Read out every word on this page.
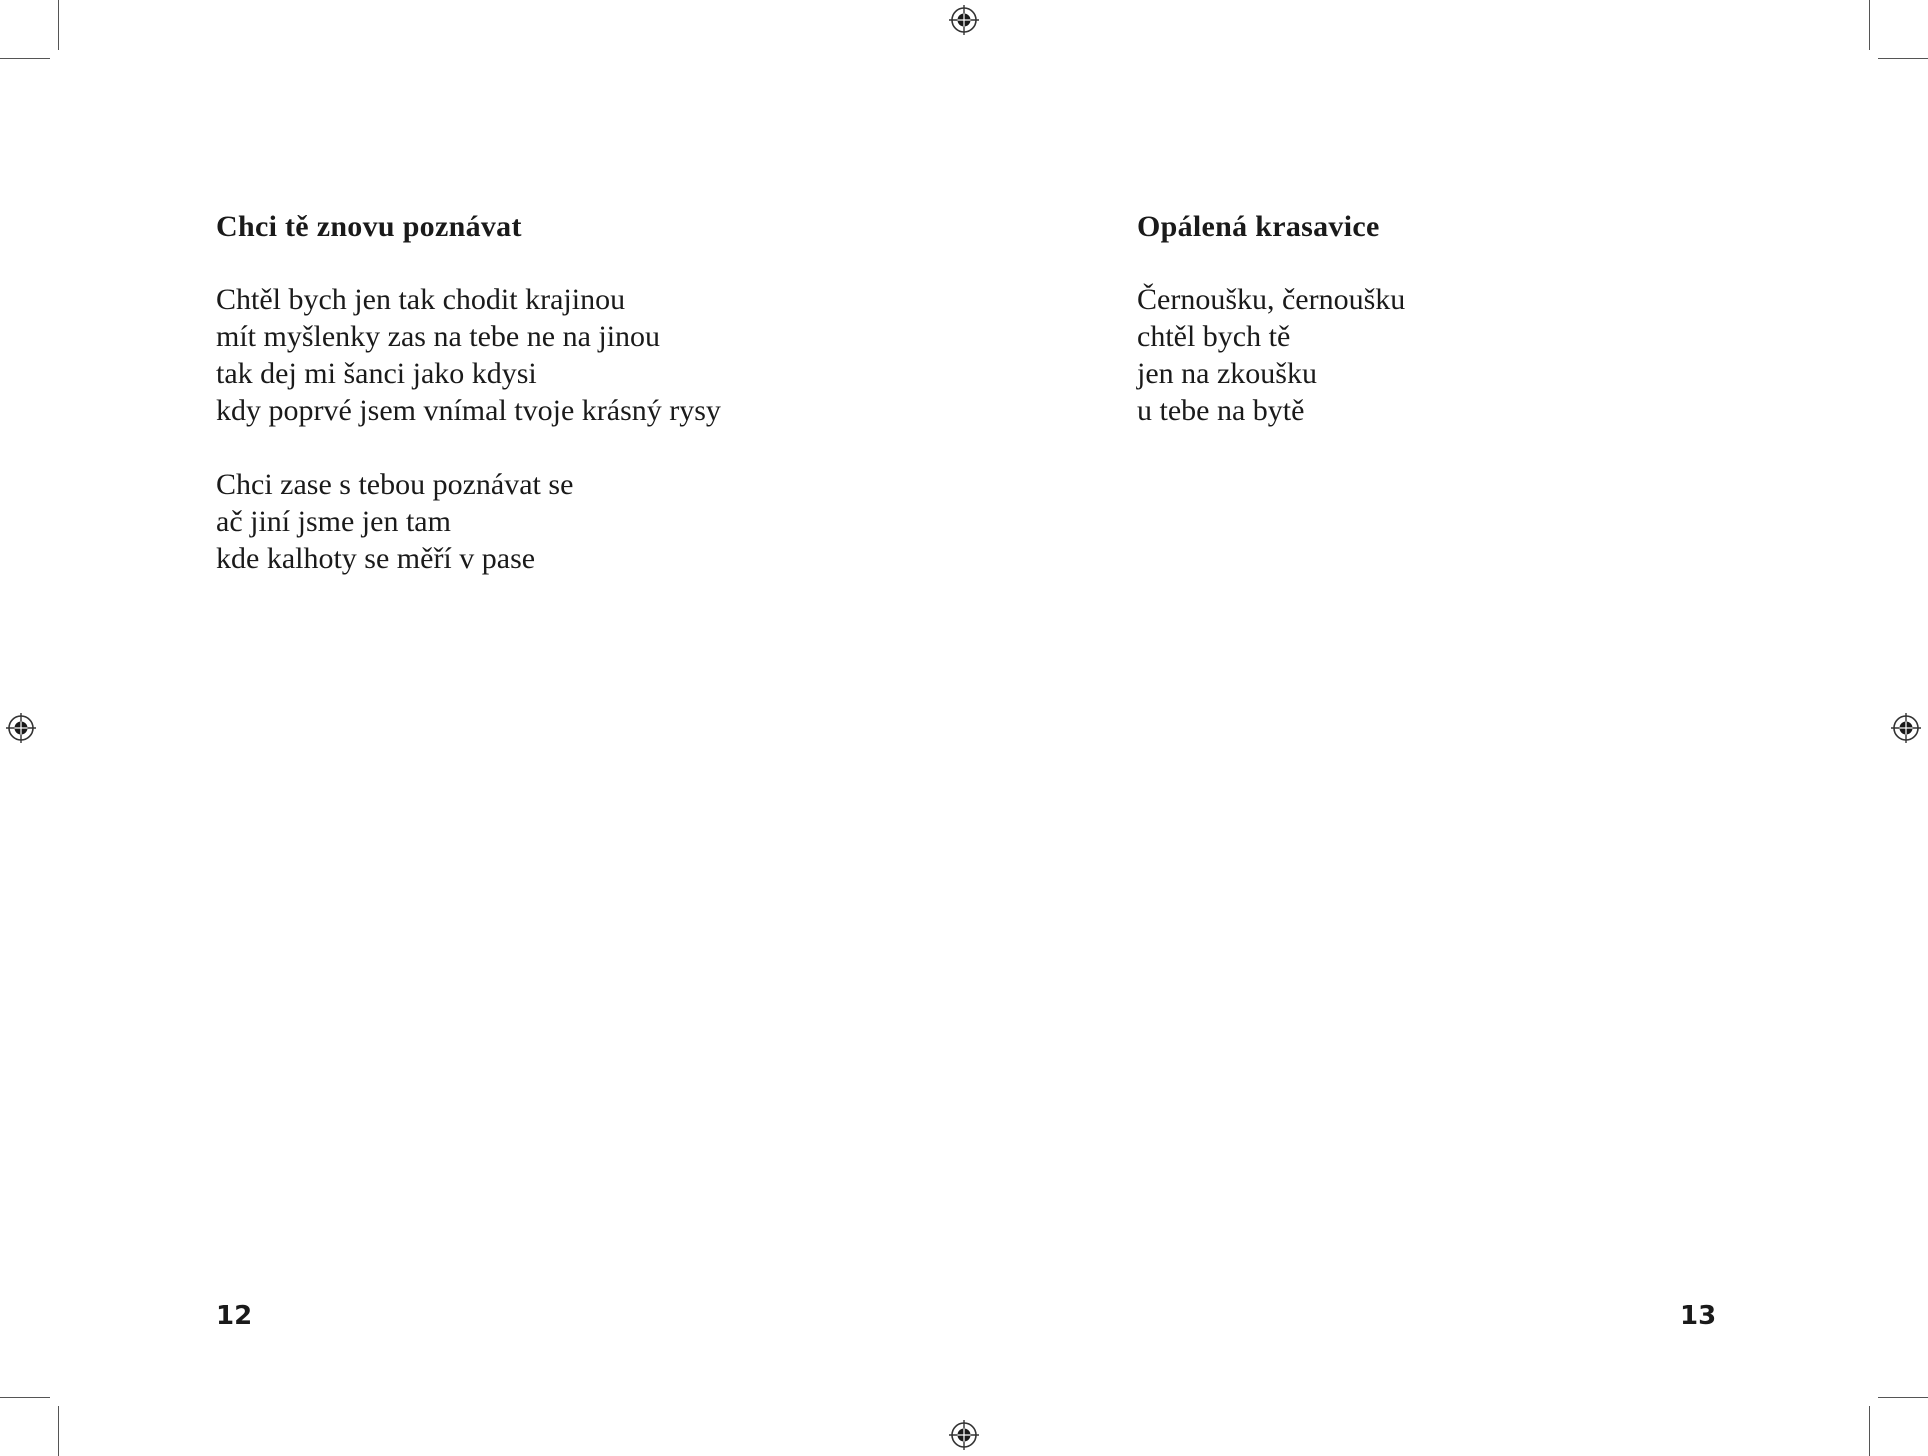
Chci tě znovu poznávat
Chtěl bych jen tak chodit krajinou
mít myšlenky zas na tebe ne na jinou
tak dej mi šanci jako kdysi
kdy poprvé jsem vnímal tvoje krásný rysy
Chci zase s tebou poznávat se
ač jiní jsme jen tam
kde kalhoty se měří v pase
12
Opálená krasavice
Černoušku, černoušku
chtěl bych tě
jen na zkoušku
u tebe na bytě
13
